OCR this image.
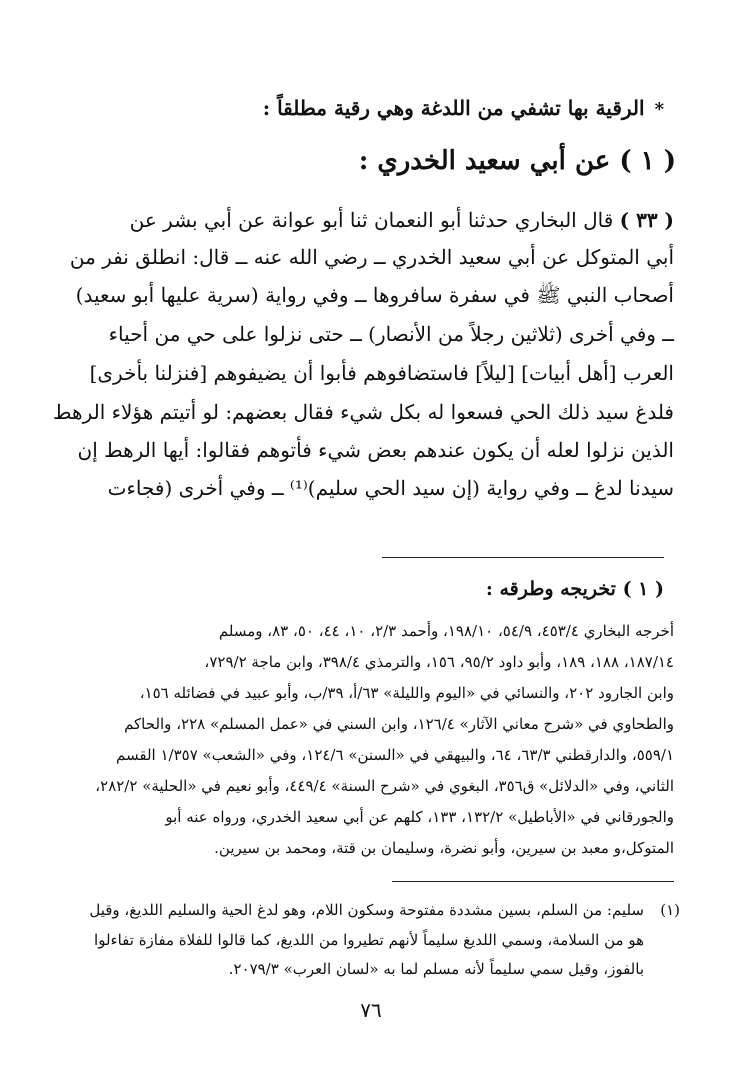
*الرقية بها تشفي من اللدغة وهي رقية مطلقاً :
( ١ ) عن أبي سعيد الخدري :
( ٣٣ ) قال البخاري حدثنا أبو النعمان ثنا أبو عوانة عن أبي بشر عن
أبي المتوكل عن أبي سعيد الخدري ــ رضي الله عنه ــ قال: انطلق نفر من
أصحاب النبي ﷺ في سفرة سافروها ــ وفي رواية (سرية عليها أبو سعيد)
ــ وفي أخرى (ثلاثين رجلاً من الأنصار) ــ حتى نزلوا على حي من أحياء
العرب [أهل أبيات] [ليلاً] فاستضافوهم فأبوا أن يضيفوهم [فنزلنا بأخرى]
فلدغ سيد ذلك الحي فسعوا له بكل شيء فقال بعضهم: لو أتيتم هؤلاء الرهط
الذين نزلوا لعله أن يكون عندهم بعض شيء فأتوهم فقالوا: أيها الرهط إن
سيدنا لدغ ــ وفي رواية (إن سيد الحي سليم)⁽¹⁾ ــ وفي أخرى (فجاءت
( ١ ) تخريجه وطرقه :
أخرجه البخاري ٤٥٣/٤، ٥٤/٩، ١٩٨/١٠، وأحمد ٢/٣، ١٠، ٤٤، ٥٠، ٨٣، ومسلم
١٨٧/١٤، ١٨٨، ١٨٩، وأبو داود ٩٥/٢، ١٥٦، والترمذي ٣٩٨/٤، وابن ماجة ٧٢٩/٢،
وابن الجارود ٢٠٢، والنسائي في «اليوم والليلة» ٦٣/أ، ٣٩/ب، وأبو عبيد في فضائله ١٥٦،
والطحاوي في «شرح معاني الآثار» ١٢٦/٤، وابن السني في «عمل المسلم» ٢٢٨، والحاكم
٥٥٩/١، والدارقطني ٦٣/٣، ٦٤، والبيهقي في «السنن» ١٢٤/٦، وفي «الشعب» ١/٣٥٧ القسم
الثاني، وفي «الدلائل» ق٣٥٦، البغوي في «شرح السنة» ٤٤٩/٤، وأبو نعيم في «الحلية» ٢٨٢/٢،
والجورقاني في «الأباطيل» ١٣٢/٢، ١٣٣، كلهم عن أبي سعيد الخدري، ورواه عنه أبو
المتوكل،و معبد بن سيرين، وأبو نضرة، وسليمان بن قتة، ومحمد بن سيرين.
(١)
سليم: من السلم، بسين مشددة مفتوحة وسكون اللام، وهو لدغ الحية والسليم اللديغ، وقيل
هو من السلامة، وسمي اللديغ سليماً لأنهم تطيروا من اللديغ، كما قالوا للفلاة مفازة تفاءلوا
بالفوز، وقيل سمي سليماً لأنه مسلم لما به «لسان العرب» ٢٠٧٩/٣.
٧٦
